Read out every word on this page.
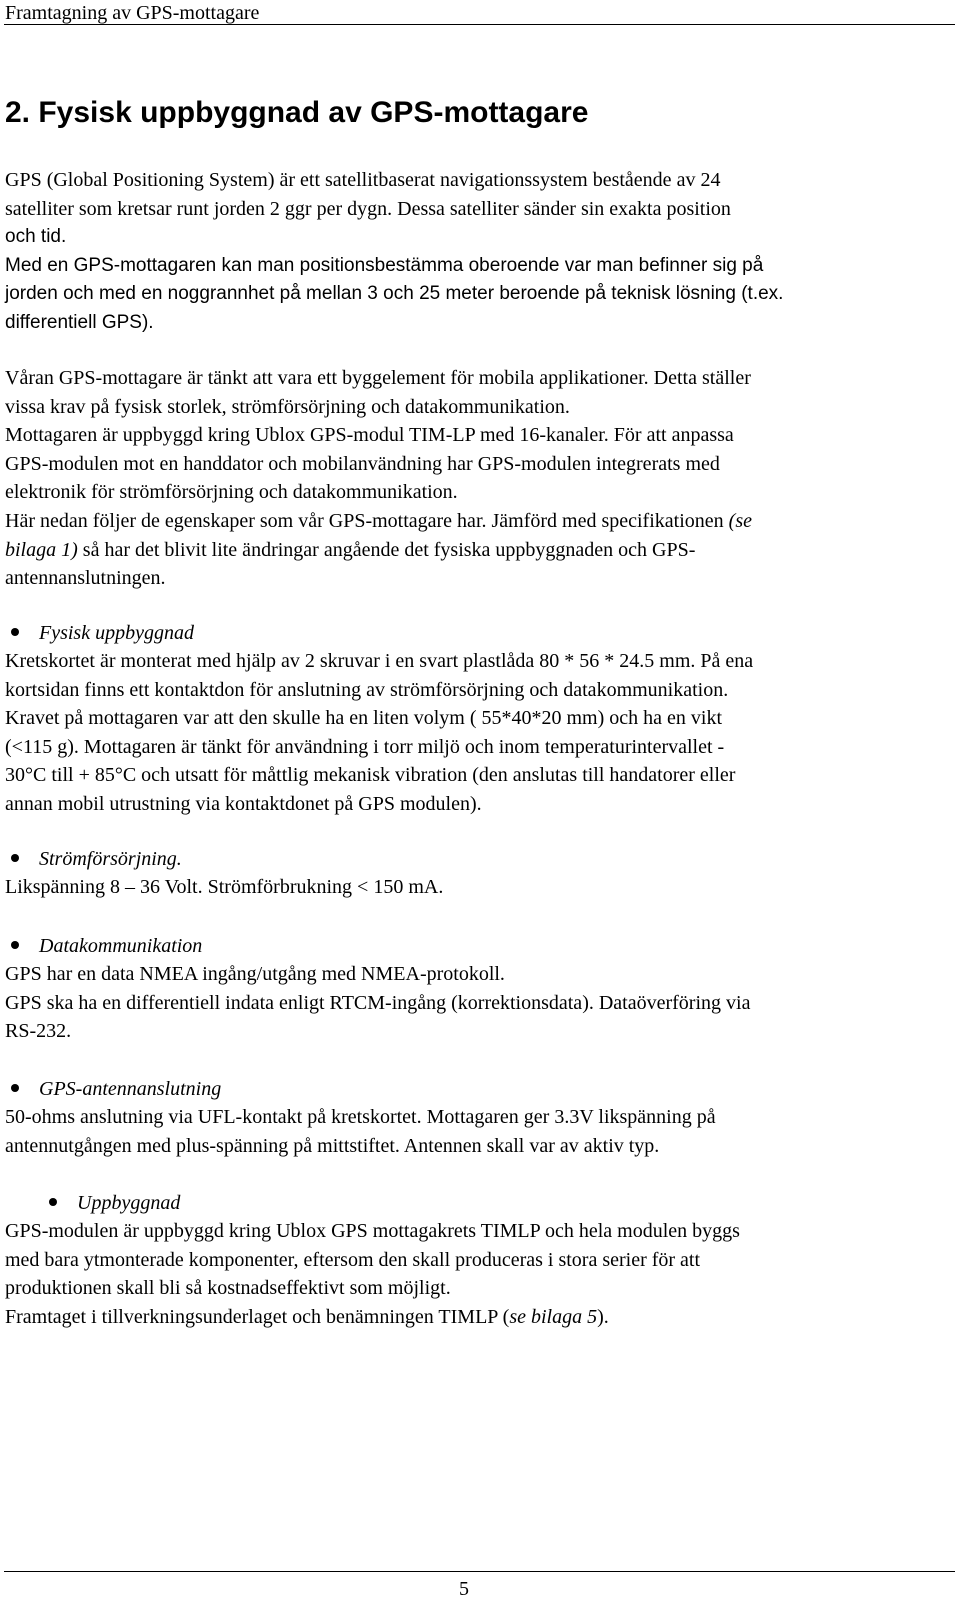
Framtagning av GPS-mottagare
2. Fysisk uppbyggnad av GPS-mottagare
GPS (Global Positioning System) är ett satellitbaserat navigationssystem bestående av 24
satelliter som kretsar runt jorden 2 ggr per dygn. Dessa satelliter sänder sin exakta position
och tid.
Med en GPS-mottagaren kan man positionsbestämma oberoende var man befinner sig på
jorden och med en noggrannhet på mellan 3 och 25 meter beroende på teknisk lösning (t.ex.
differentiell GPS).
Våran GPS-mottagare är tänkt att vara ett byggelement för mobila applikationer. Detta ställer
vissa krav på fysisk storlek, strömförsörjning och datakommunikation.
Mottagaren är uppbyggd kring Ublox GPS-modul TIM-LP med 16-kanaler. För att anpassa
GPS-modulen mot en handdator och mobilanvändning har GPS-modulen integrerats med
elektronik för strömförsörjning och datakommunikation.
Här nedan följer de egenskaper som vår GPS-mottagare har. Jämförd med specifikationen (se
bilaga 1) så har det blivit lite ändringar angående det fysiska uppbyggnaden och GPS-
antennanslutningen.
Fysisk uppbyggnad
Kretskortet är monterat med hjälp av 2 skruvar i en svart plastlåda 80 * 56 * 24.5 mm. På ena
kortsidan finns ett kontaktdon för anslutning av strömförsörjning och datakommunikation.
Kravet på mottagaren var att den skulle ha en liten volym ( 55*40*20 mm) och ha en vikt
(<115 g). Mottagaren är tänkt för användning i torr miljö och inom temperaturintervallet -
30°C till + 85°C och utsatt för måttlig mekanisk vibration (den anslutas till handatorer eller
annan mobil utrustning via kontaktdonet på GPS modulen).
Strömförsörjning.
Likspänning 8 – 36 Volt. Strömförbrukning < 150 mA.
Datakommunikation
GPS har en data NMEA ingång/utgång med NMEA-protokoll.
GPS ska ha en differentiell indata enligt RTCM-ingång (korrektionsdata). Dataöverföring via
RS-232.
GPS-antennanslutning
50-ohms anslutning via UFL-kontakt på kretskortet. Mottagaren ger 3.3V likspänning på
antennutgången med plus-spänning på mittstiftet. Antennen skall var av aktiv typ.
Uppbyggnad
GPS-modulen är uppbyggd kring Ublox GPS mottagakrets TIMLP och hela modulen byggs
med bara ytmonterade komponenter, eftersom den skall produceras i stora serier för att
produktionen skall bli så kostnadseffektivt som möjligt.
Framtaget i tillverkningsunderlaget och benämningen TIMLP (se bilaga 5).
5
